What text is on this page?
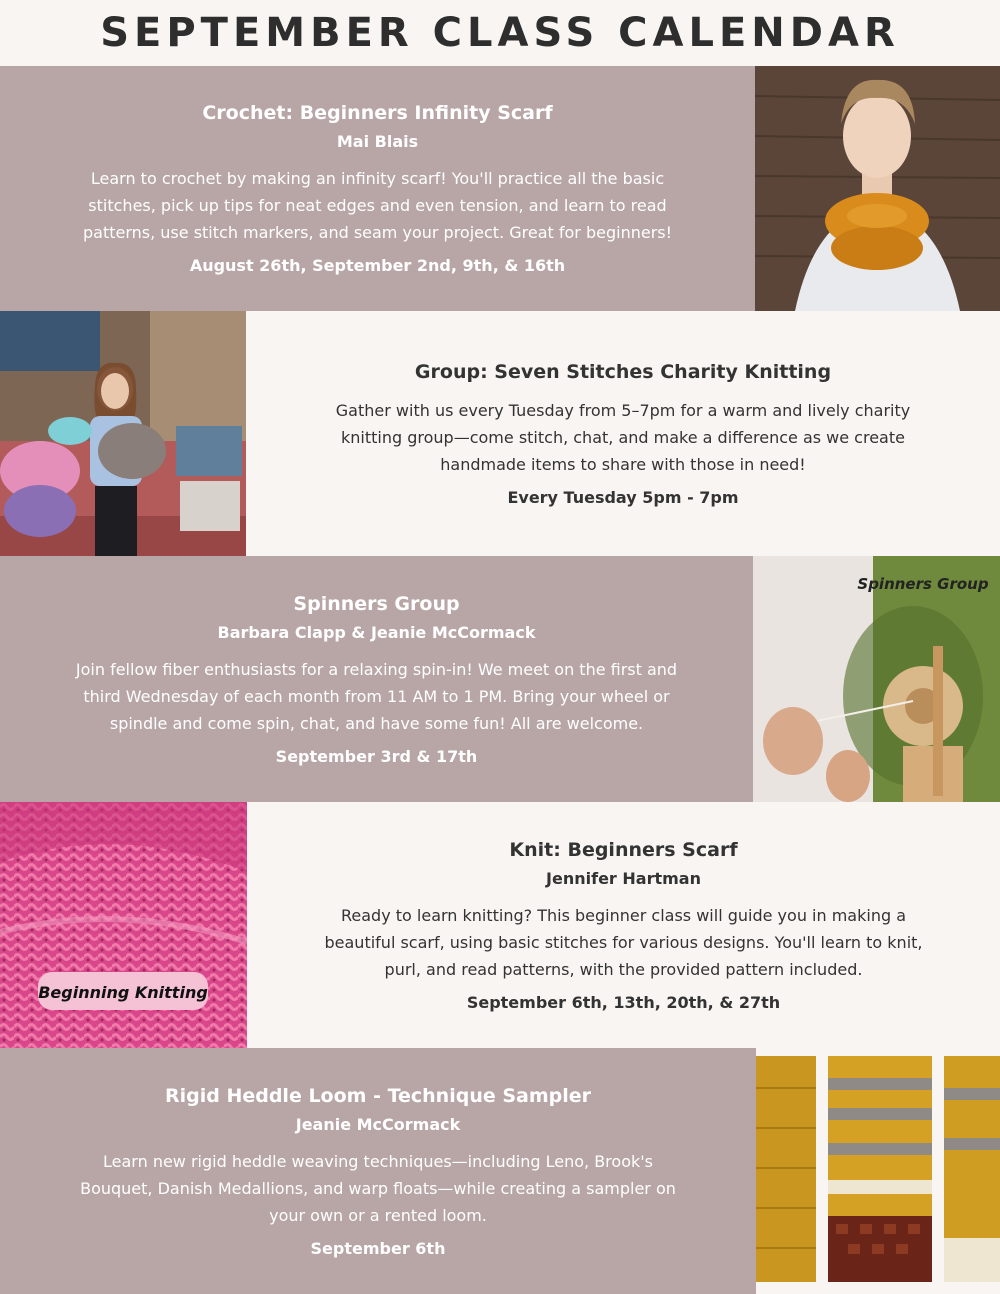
SEPTEMBER CLASS CALENDAR
Crochet: Beginners Infinity Scarf
Mai Blais
Learn to crochet by making an infinity scarf! You'll practice all the basic stitches, pick up tips for neat edges and even tension, and learn to read patterns, use stitch markers, and seam your project. Great for beginners!
August 26th, September 2nd, 9th, & 16th
Group: Seven Stitches Charity Knitting
Gather with us every Tuesday from 5–7pm for a warm and lively charity knitting group—come stitch, chat, and make a difference as we create handmade items to share with those in need!
Every Tuesday 5pm - 7pm
Spinners Group
Barbara Clapp & Jeanie McCormack
Join fellow fiber enthusiasts for a relaxing spin-in! We meet on the first and third Wednesday of each month from 11 AM to 1 PM. Bring your wheel or spindle and come spin, chat, and have some fun! All are welcome.
September 3rd & 17th
Spinners Group
Beginning Knitting
Knit: Beginners Scarf
Jennifer Hartman
Ready to learn knitting? This beginner class will guide you in making a beautiful scarf, using basic stitches for various designs. You'll learn to knit, purl, and read patterns, with the provided pattern included.
September 6th, 13th, 20th, & 27th
Rigid Heddle Loom - Technique Sampler
Jeanie McCormack
Learn new rigid heddle weaving techniques—including Leno, Brook's Bouquet, Danish Medallions, and warp floats—while creating a sampler on your own or a rented loom.
September 6th
